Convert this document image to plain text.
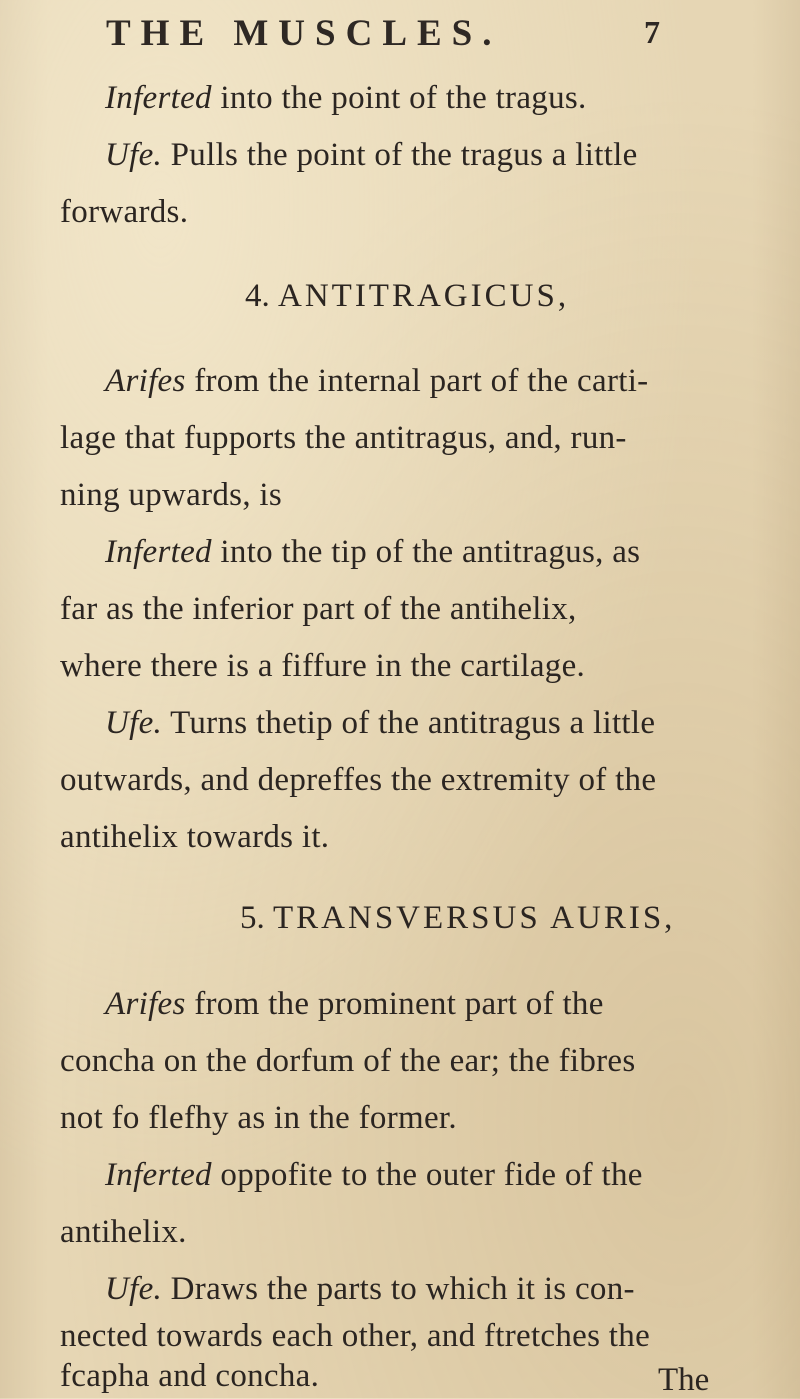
THE MUSCLES.	7
Inferted into the point of the tragus.
Ufe. Pulls the point of the tragus a little
forwards.
4. ANTITRAGICUS,
Arifes from the internal part of the carti-
lage that fupports the antitragus, and, run-
ning upwards, is
Inferted into the tip of the antitragus, as
far as the inferior part of the antihelix,
where there is a fiffure in the cartilage.
Ufe. Turns thetip of the antitragus a little
outwards, and depreffes the extremity of the
antihelix towards it.
5. TRANSVERSUS AURIS,
Arifes from the prominent part of the
concha on the dorfum of the ear; the fibres
not fo flefhy as in the former.
Inferted oppofite to the outer fide of the
antihelix.
Ufe. Draws the parts to which it is con-
nected towards each other, and ftretches the
fcapha and concha.	The
